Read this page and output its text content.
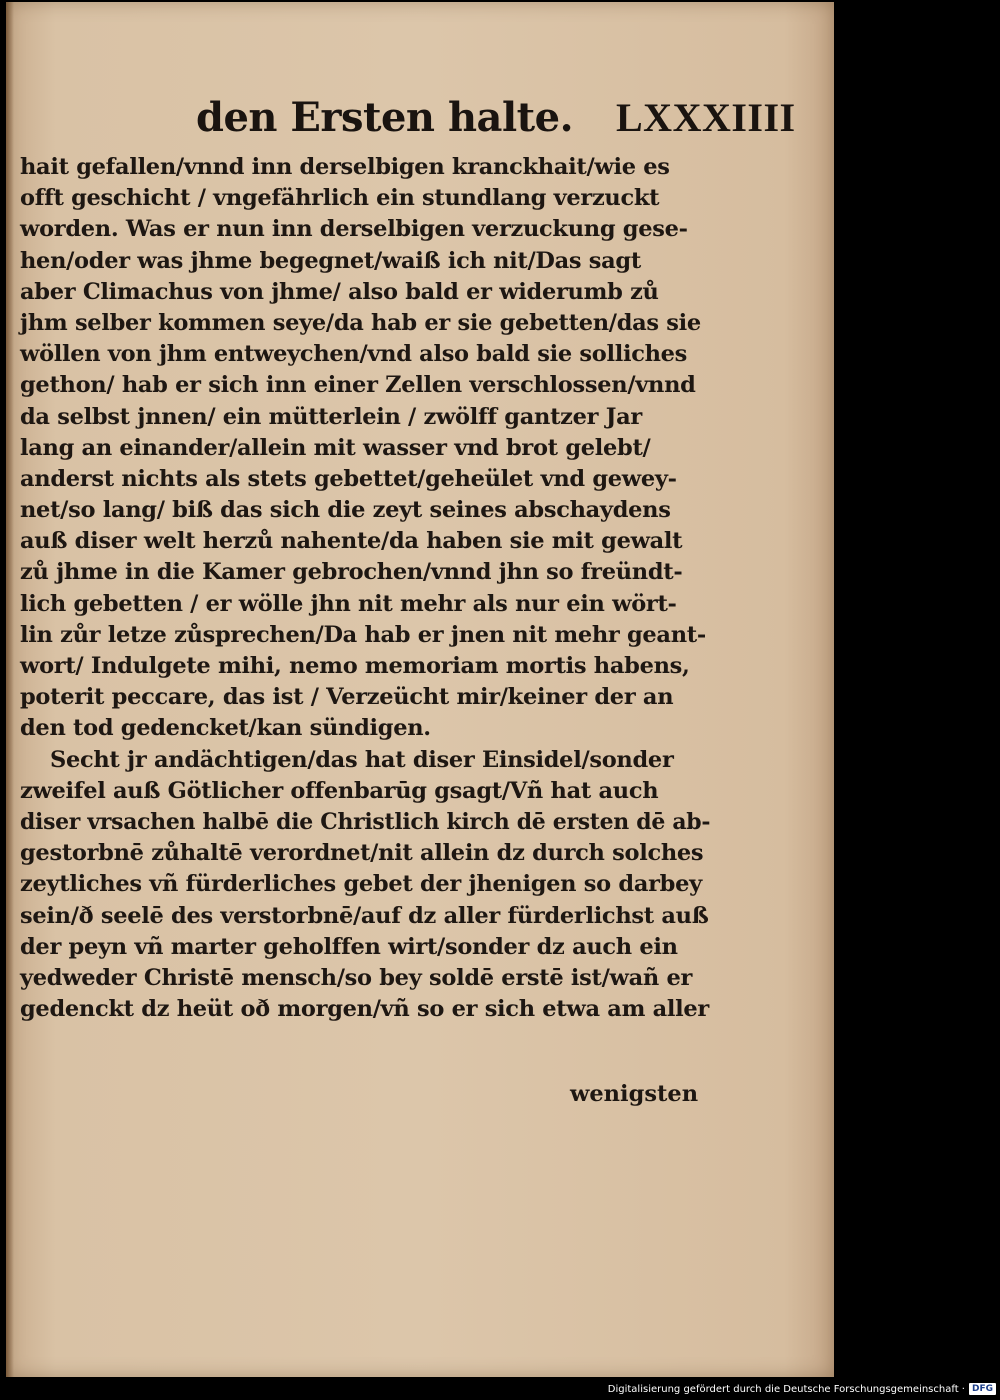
den Ersten halte. LXXXIIII
hait gefallen/vnnd inn derselbigen kranckhait/wie es
offt geschicht / vngefährlich ein stundlang verzuckt
worden. Was er nun inn derselbigen verzuckung gese-
hen/oder was jhme begegnet/waiß ich nit/Das sagt
aber Climachus von jhme/ also bald er widerumb zů
jhm selber kommen seye/da hab er sie gebetten/das sie
wöllen von jhm entweychen/vnd also bald sie solliches
gethon/ hab er sich inn einer Zellen verschlossen/vnnd
da selbst jnnen/ ein mütterlein / zwölff gantzer Jar
lang an einander/allein mit wasser vnd brot gelebt/
anderst nichts als stets gebettet/geheület vnd gewey-
net/so lang/ biß das sich die zeyt seines abschaydens
auß diser welt herzů nahente/da haben sie mit gewalt
zů jhme in die Kamer gebrochen/vnnd jhn so freündt-
lich gebetten / er wölle jhn nit mehr als nur ein wört-
lin zůr letze zůsprechen/Da hab er jnen nit mehr geant-
wort/ Indulgete mihi, nemo memoriam mortis habens,
poterit peccare, das ist / Verzeücht mir/keiner der an
den tod gedencket/kan sündigen.
Secht jr andächtigen/das hat diser Einsidel/sonder
zweifel auß Götlicher offenbarūg gsagt/Vñ hat auch
diser vrsachen halbē die Christlich kirch dē ersten dē ab-
gestorbnē zůhaltē verordnet/nit allein dz durch solches
zeytliches vñ fürderliches gebet der jhenigen so darbey
sein/ð seelē des verstorbnē/auf dz aller fürderlichst auß
der peyn vñ marter geholffen wirt/sonder dz auch ein
yedweder Christē mensch/so bey soldē erstē ist/wañ er
gedenckt dz heüt oð morgen/vñ so er sich etwa am aller
wenigsten
Digitalisierung gefördert durch die Deutsche Forschungsgemeinschaft · DFG
